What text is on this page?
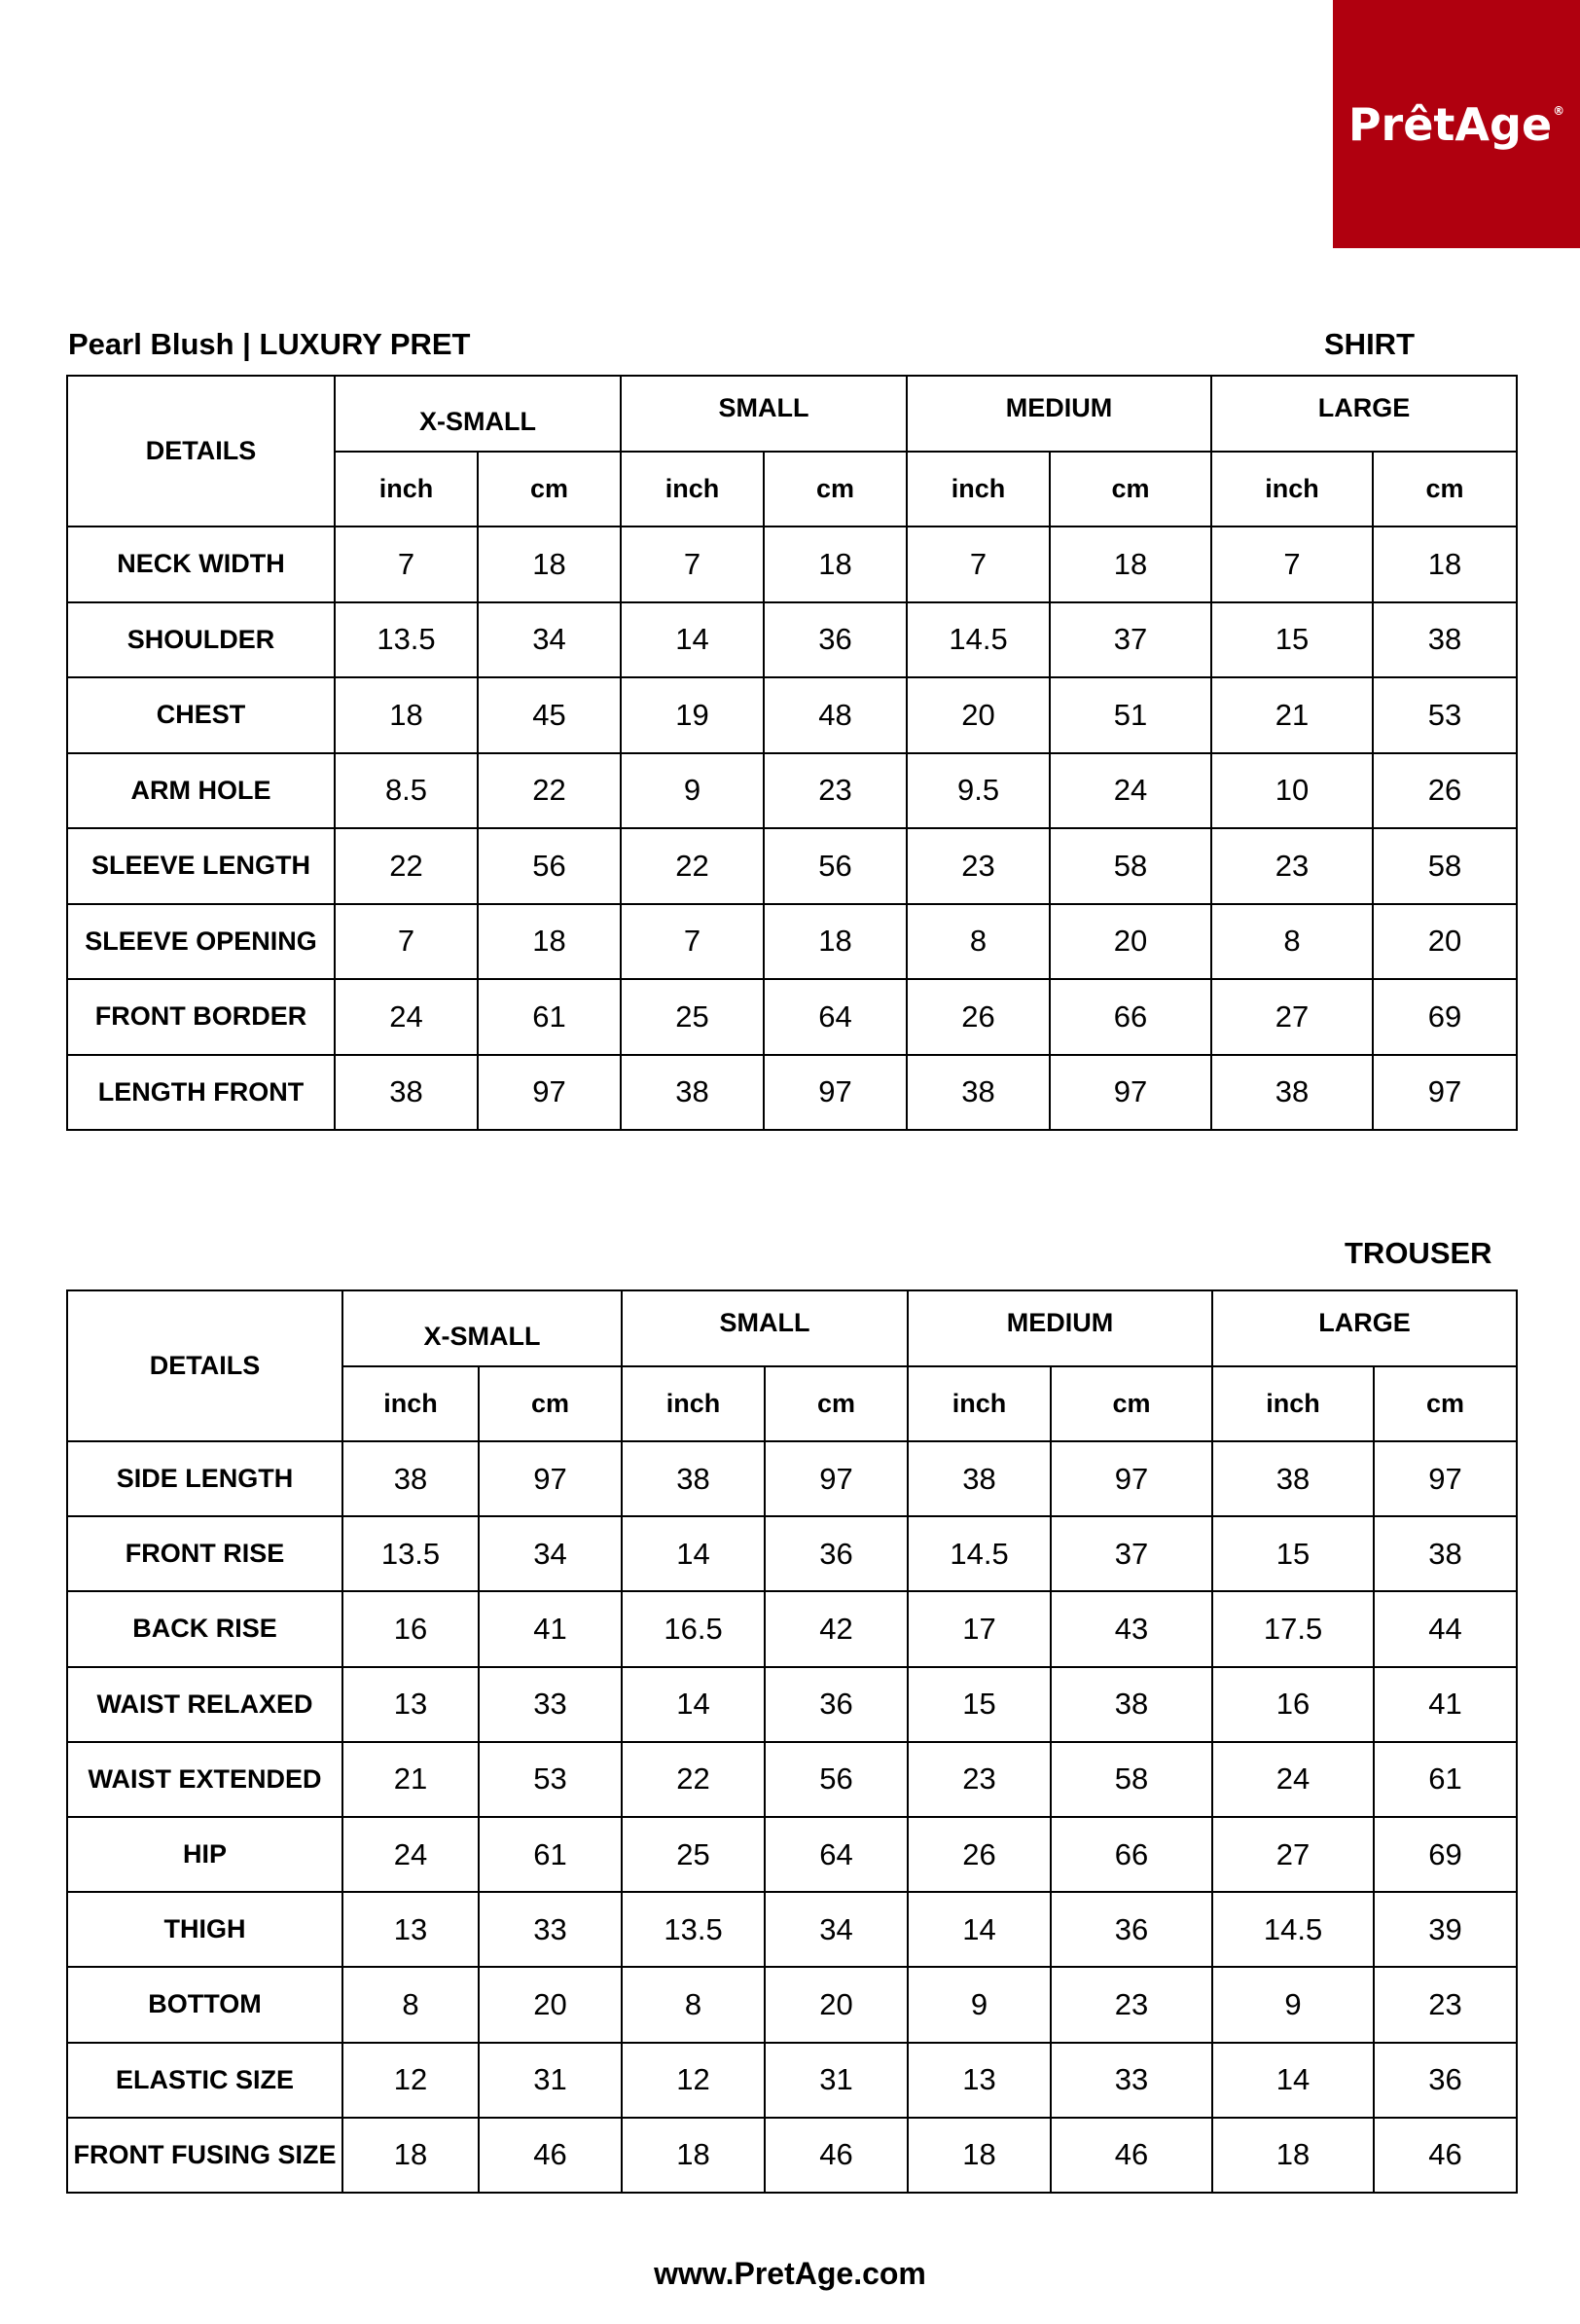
PrêtAge®
Pearl Blush | LUXURY PRET	SHIRT
DETAILS	X-SMALL		SMALL		MEDIUM		LARGE	
	inch	cm	inch	cm	inch	cm	inch	cm
NECK WIDTH	7	18	7	18	7	18	7	18
SHOULDER	13.5	34	14	36	14.5	37	15	38
CHEST	18	45	19	48	20	51	21	53
ARM HOLE	8.5	22	9	23	9.5	24	10	26
SLEEVE LENGTH	22	56	22	56	23	58	23	58
SLEEVE OPENING	7	18	7	18	8	20	8	20
FRONT BORDER	24	61	25	64	26	66	27	69
LENGTH FRONT	38	97	38	97	38	97	38	97
TROUSER
DETAILS	X-SMALL		SMALL		MEDIUM		LARGE	
	inch	cm	inch	cm	inch	cm	inch	cm
SIDE LENGTH	38	97	38	97	38	97	38	97
FRONT RISE	13.5	34	14	36	14.5	37	15	38
BACK RISE	16	41	16.5	42	17	43	17.5	44
WAIST RELAXED	13	33	14	36	15	38	16	41
WAIST EXTENDED	21	53	22	56	23	58	24	61
HIP	24	61	25	64	26	66	27	69
THIGH	13	33	13.5	34	14	36	14.5	39
BOTTOM	8	20	8	20	9	23	9	23
ELASTIC SIZE	12	31	12	31	13	33	14	36
FRONT FUSING SIZE	18	46	18	46	18	46	18	46
www.PretAge.com
